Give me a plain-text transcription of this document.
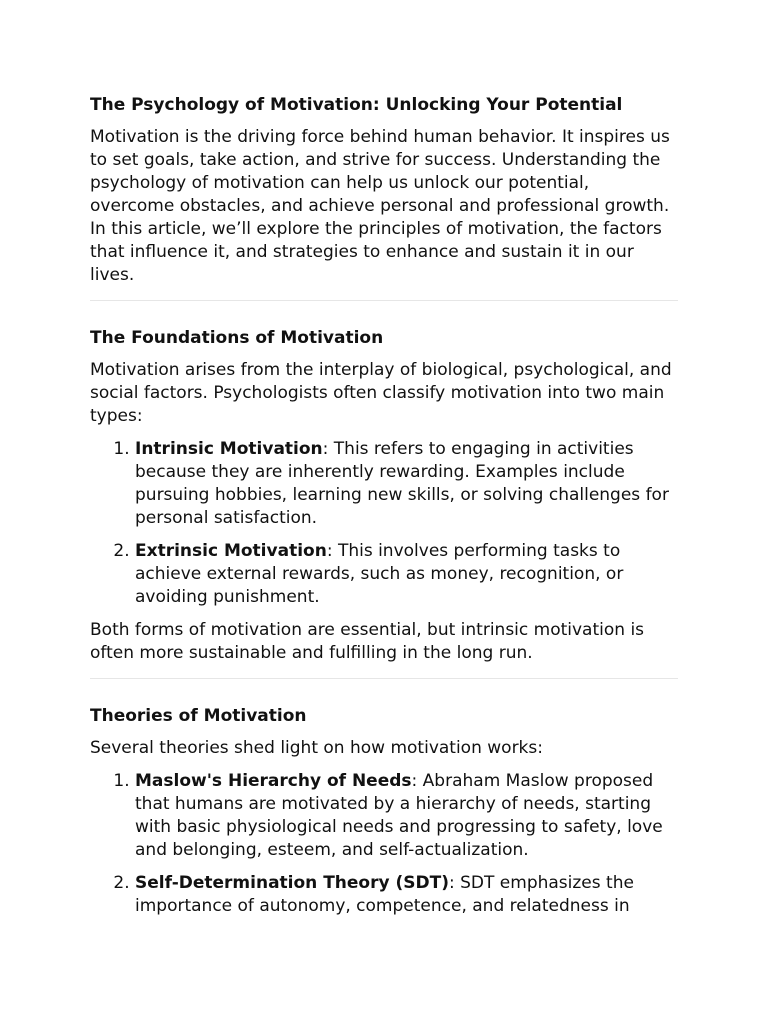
The Psychology of Motivation: Unlocking Your Potential

Motivation is the driving force behind human behavior. It inspires us to set goals, take action, and strive for success. Understanding the psychology of motivation can help us unlock our potential, overcome obstacles, and achieve personal and professional growth. In this article, we’ll explore the principles of motivation, the factors that influence it, and strategies to enhance and sustain it in our lives.

The Foundations of Motivation

Motivation arises from the interplay of biological, psychological, and social factors. Psychologists often classify motivation into two main types:

1. Intrinsic Motivation: This refers to engaging in activities because they are inherently rewarding. Examples include pursuing hobbies, learning new skills, or solving challenges for personal satisfaction.
2. Extrinsic Motivation: This involves performing tasks to achieve external rewards, such as money, recognition, or avoiding punishment.

Both forms of motivation are essential, but intrinsic motivation is often more sustainable and fulfilling in the long run.

Theories of Motivation

Several theories shed light on how motivation works:

1. Maslow's Hierarchy of Needs: Abraham Maslow proposed that humans are motivated by a hierarchy of needs, starting with basic physiological needs and progressing to safety, love and belonging, esteem, and self-actualization.
2. Self-Determination Theory (SDT): SDT emphasizes the importance of autonomy, competence, and relatedness in
